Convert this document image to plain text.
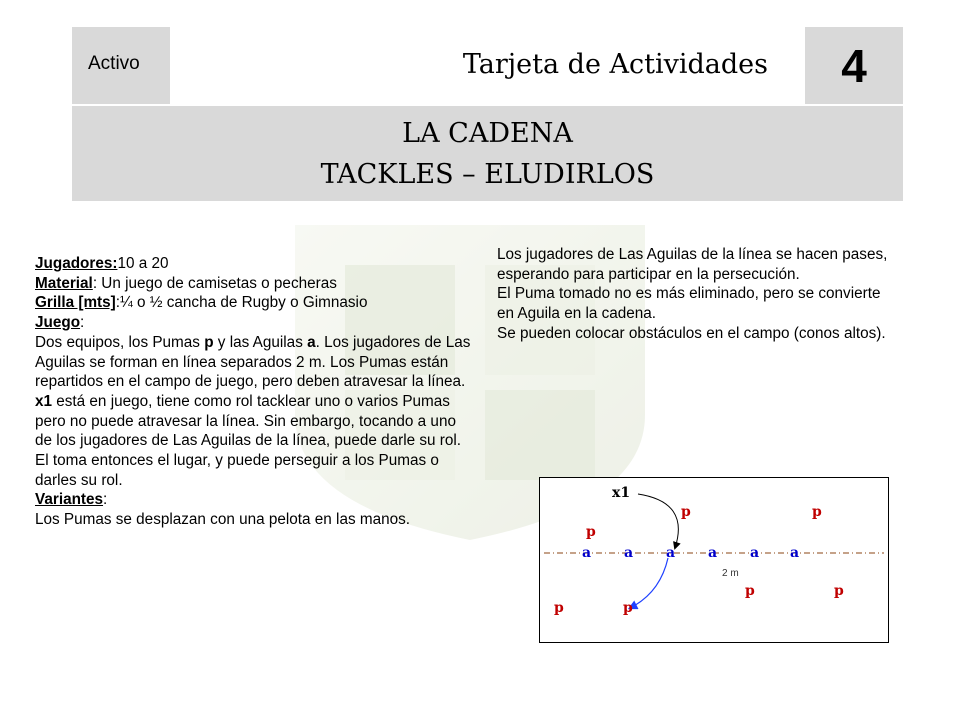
Activo	Tarjeta de Actividades	4
LA CADENA
TACKLES – ELUDIRLOS

Jugadores:10 a 20

Material: Un juego de camisetas o pecheras

Grilla [mts]:¼ o ½ cancha de Rugby o Gimnasio

Juego:

Dos equipos, los Pumas p y las Aguilas a. Los jugadores de Las Aguilas se forman en línea separados 2 m. Los Pumas están repartidos en el campo de juego, pero deben atravesar la línea. x1 está en juego, tiene como rol tacklear uno o varios Pumas pero no puede atravesar la línea. Sin embargo, tocando a uno de los jugadores de Las Aguilas de la línea, puede darle su rol. El toma entonces el lugar, y puede perseguir a los Pumas o darles su rol.

Variantes:

Los Pumas se desplazan con una pelota en las manos.

Los jugadores de Las Aguilas de la línea se hacen pases, esperando para participar en la persecución.

El Puma tomado no es más eliminado, pero se convierte en Aguila en la cadena.

Se pueden colocar obstáculos en el campo (conos altos).

x1
a a a a a a
2 m
p	p
p
p	p
p	p
